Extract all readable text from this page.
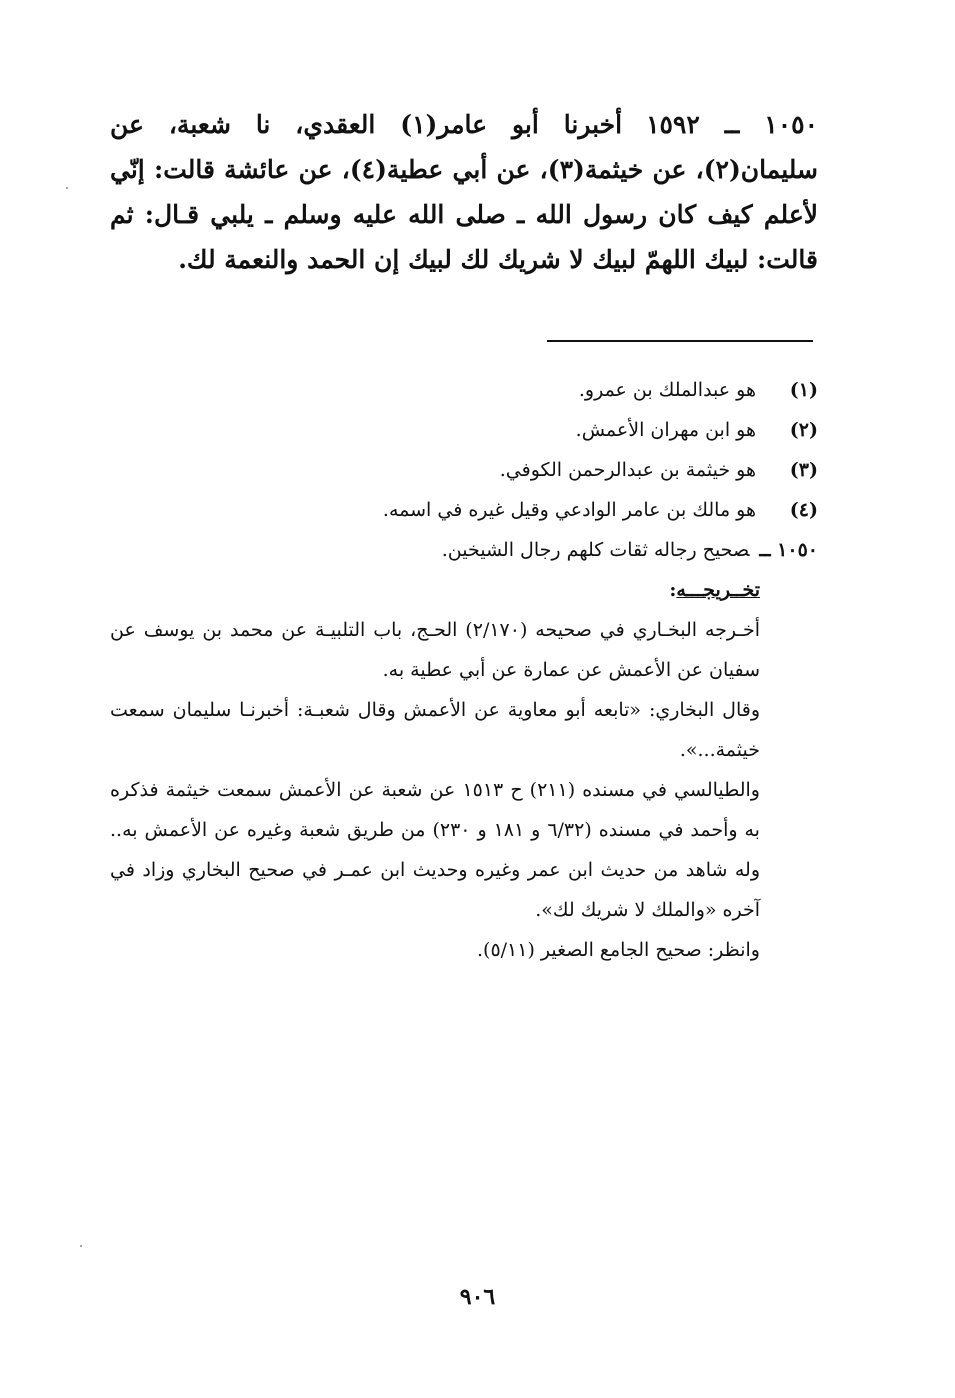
١٠٥٠ ــ ١٥٩٢أخبرنا أبو عامر(١) العقدي، نا شعبة، عن سليمان(٢)، عن خيثمة(٣)، عن أبي عطية(٤)، عن عائشة قالت: إنّي لأعلم كيف كان رسول الله ـ صلى الله عليه وسلم ـ يلبي قـال: ثم قالت: لبيك اللهمّ لبيك لا شريك لك لبيك إن الحمد والنعمة لك.

(١)
هو عبدالملك بن عمرو.
(٢)
هو ابن مهران الأعمش.
(٣)
هو خيثمة بن عبدالرحمن الكوفي.
(٤)
هو مالك بن عامر الوادعي وقيل غيره في اسمه.
١٠٥٠ ــصحيح رجاله ثقات كلهم رجال الشيخين.

تخــريجـــه:

أخـرجه البخـاري في صحيحه (٢/١٧٠) الحـج، باب التلبيـة عن محمد بن يوسف عن سفيان عن الأعمش عن عمارة عن أبي عطية به.

وقال البخاري: «تابعه أبو معاوية عن الأعمش وقال شعبـة: أخبرنـا سليمان سمعت خيثمة...».

والطيالسي في مسنده (٢١١) ح ١٥١٣ عن شعبة عن الأعمش سمعت خيثمة فذكره به وأحمد في مسنده (٦/٣٢ و ١٨١ و ٢٣٠) من طريق شعبة وغيره عن الأعمش به.. وله شاهد من حديث ابن عمر وغيره وحديث ابن عمـر في صحيح البخاري وزاد في آخره «والملك لا شريك لك».

وانظر: صحيح الجامع الصغير (٥/١١).

٩٠٦
